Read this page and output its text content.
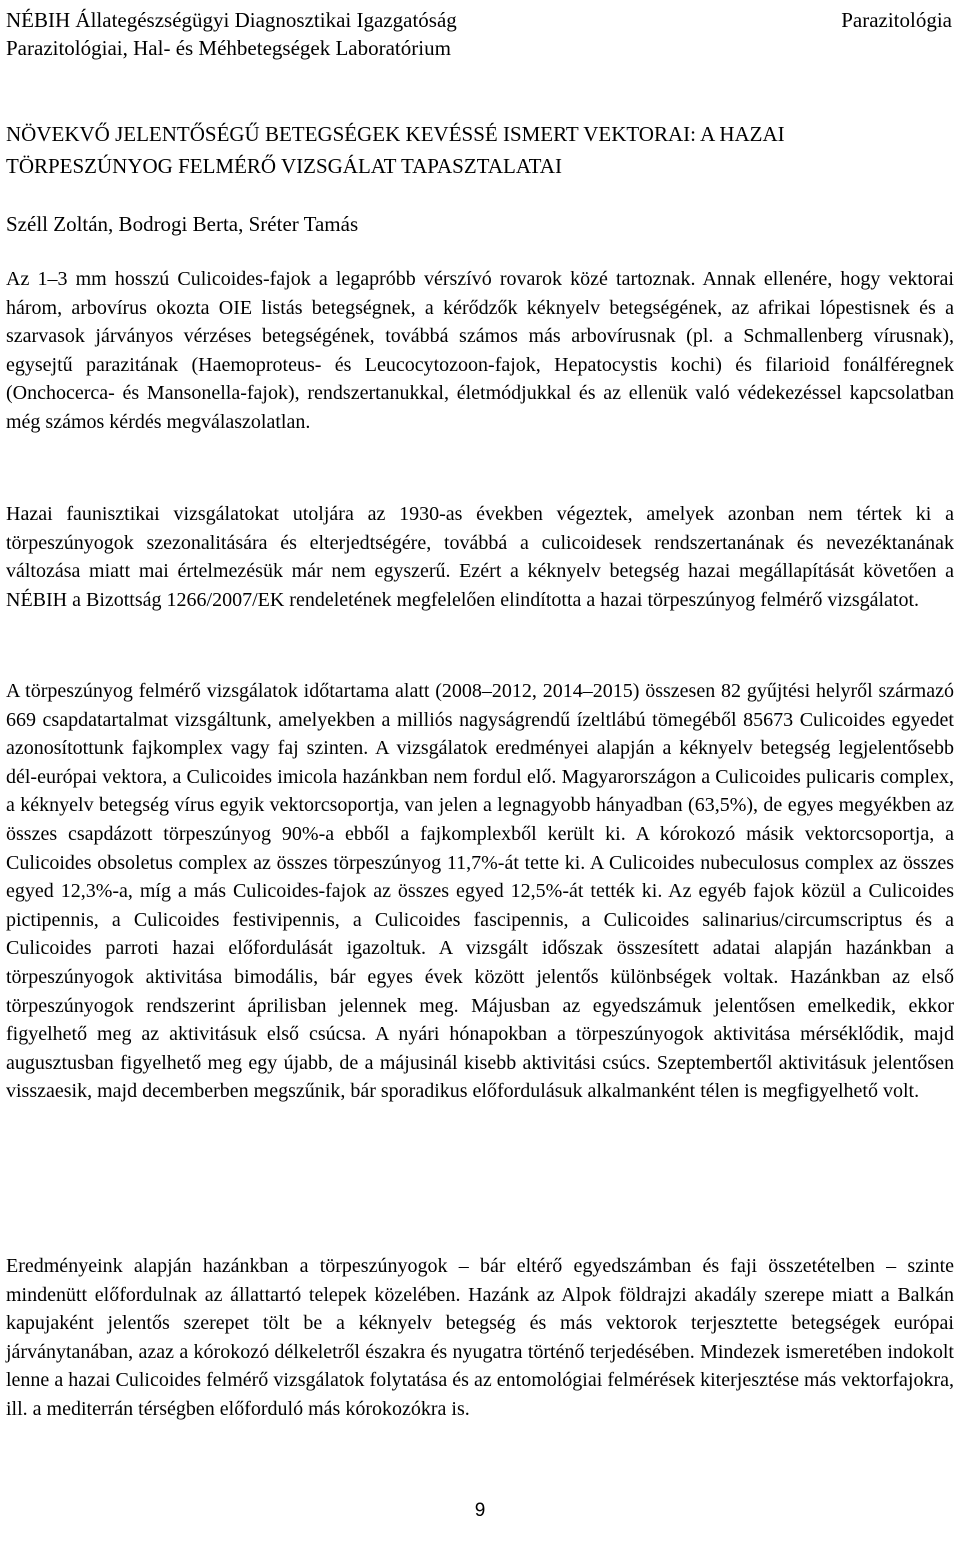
NÉBIH Állategészségügyi Diagnosztikai Igazgatóság
Parazitológiai, Hal- és Méhbetegségek Laboratórium
Parazitológia
NÖVEKVŐ JELENTŐSÉGŰ BETEGSÉGEK KEVÉSSÉ ISMERT VEKTORAI: A HAZAI TÖRPESZÚNYOG FELMÉRŐ VIZSGÁLAT TAPASZTALATAI

Széll Zoltán, Bodrogi Berta, Sréter Tamás

Az 1–3 mm hosszú Culicoides-fajok a legapróbb vérszívó rovarok közé tartoznak. Annak ellenére, hogy vektorai három, arbovírus okozta OIE listás betegségnek, a kérődzők kéknyelv betegségének, az afrikai lópestisnek és a szarvasok járványos vérzéses betegségének, továbbá számos más arbovírusnak (pl. a Schmallenberg vírusnak), egysejtű parazitának (Haemoproteus- és Leucocytozoon-fajok, Hepatocystis kochi) és filarioid fonálféregnek (Onchocerca- és Mansonella-fajok), rendszertanukkal, életmódjukkal és az ellenük való védekezéssel kapcsolatban még számos kérdés megválaszolatlan.

Hazai faunisztikai vizsgálatokat utoljára az 1930-as években végeztek, amelyek azonban nem tértek ki a törpeszúnyogok szezonalitására és elterjedtségére, továbbá a culicoidesek rendszertanának és nevezéktanának változása miatt mai értelmezésük már nem egyszerű. Ezért a kéknyelv betegség hazai megállapítását követően a NÉBIH a Bizottság 1266/2007/EK rendeletének megfelelően elindította a hazai törpeszúnyog felmérő vizsgálatot.

A törpeszúnyog felmérő vizsgálatok időtartama alatt (2008–2012, 2014–2015) összesen 82 gyűjtési helyről származó 669 csapdatartalmat vizsgáltunk, amelyekben a milliós nagyságrendű ízeltlábú tömegéből 85673 Culicoides egyedet azonosítottunk fajkomplex vagy faj szinten. A vizsgálatok eredményei alapján a kéknyelv betegség legjelentősebb dél-európai vektora, a Culicoides imicola hazánkban nem fordul elő. Magyarországon a Culicoides pulicaris complex, a kéknyelv betegség vírus egyik vektorcsoportja, van jelen a legnagyobb hányadban (63,5%), de egyes megyékben az összes csapdázott törpeszúnyog 90%-a ebből a fajkomplexből került ki. A kórokozó másik vektorcsoportja, a Culicoides obsoletus complex az összes törpeszúnyog 11,7%-át tette ki. A Culicoides nubeculosus complex az összes egyed 12,3%-a, míg a más Culicoides-fajok az összes egyed 12,5%-át tették ki. Az egyéb fajok közül a Culicoides pictipennis, a Culicoides festivipennis, a Culicoides fascipennis, a Culicoides salinarius/circumscriptus és a Culicoides parroti hazai előfordulását igazoltuk. A vizsgált időszak összesített adatai alapján hazánkban a törpeszúnyogok aktivitása bimodális, bár egyes évek között jelentős különbségek voltak. Hazánkban az első törpeszúnyogok rendszerint áprilisban jelennek meg. Májusban az egyedszámuk jelentősen emelkedik, ekkor figyelhető meg az aktivitásuk első csúcsa. A nyári hónapokban a törpeszúnyogok aktivitása mérséklődik, majd augusztusban figyelhető meg egy újabb, de a májusinál kisebb aktivitási csúcs. Szeptembertől aktivitásuk jelentősen visszaesik, majd decemberben megszűnik, bár sporadikus előfordulásuk alkalmanként télen is megfigyelhető volt.

Eredményeink alapján hazánkban a törpeszúnyogok – bár eltérő egyedszámban és faji összetételben – szinte mindenütt előfordulnak az állattartó telepek közelében. Hazánk az Alpok földrajzi akadály szerepe miatt a Balkán kapujaként jelentős szerepet tölt be a kéknyelv betegség és más vektorok terjesztette betegségek európai járványtanában, azaz a kórokozó délkeletről északra és nyugatra történő terjedésében. Mindezek ismeretében indokolt lenne a hazai Culicoides felmérő vizsgálatok folytatása és az entomológiai felmérések kiterjesztése más vektorfajokra, ill. a mediterrán térségben előforduló más kórokozókra is.

9
